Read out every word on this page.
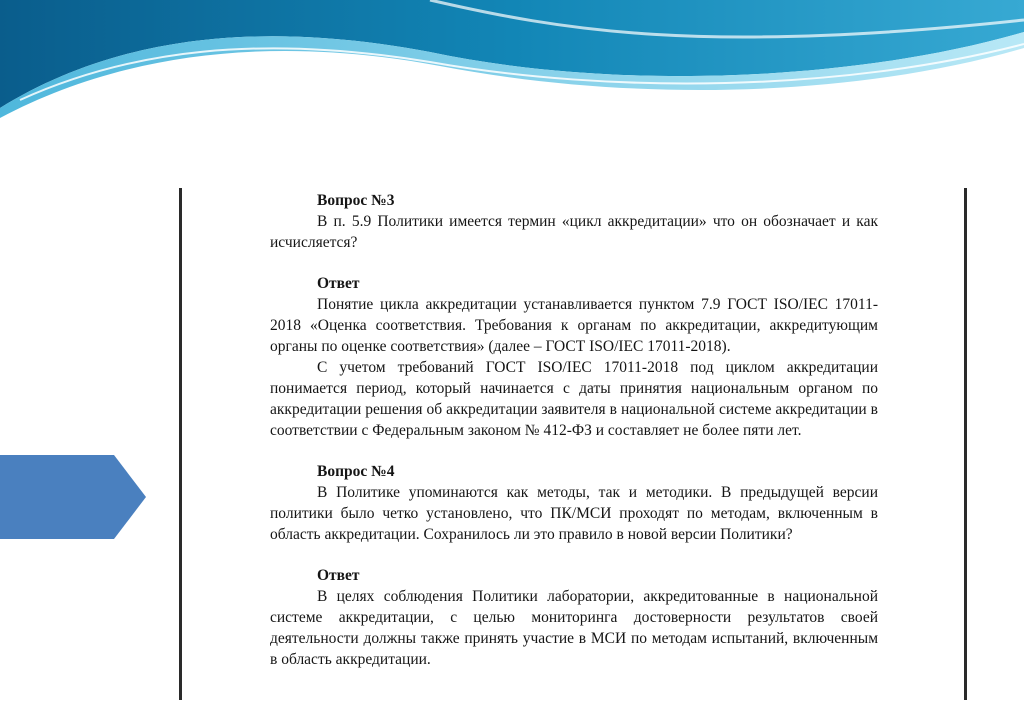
Вопрос №3

В п. 5.9 Политики имеется термин «цикл аккредитации» что он обозначает и как исчисляется?

Ответ

Понятие цикла аккредитации устанавливается пунктом 7.9 ГОСТ ISO/IEC 17011-2018 «Оценка соответствия. Требования к органам по аккредитации, аккредитующим органы по оценке соответствия» (далее – ГОСТ ISO/IEC 17011-2018).

С учетом требований ГОСТ ISO/IEC 17011-2018 под циклом аккредитации понимается период, который начинается с даты принятия национальным органом по аккредитации решения об аккредитации заявителя в национальной системе аккредитации в соответствии с Федеральным законом № 412-ФЗ и составляет не более пяти лет.

Вопрос №4

В Политике упоминаются как методы, так и методики. В предыдущей версии политики было четко установлено, что ПК/МСИ проходят по методам, включенным в область аккредитации. Сохранилось ли это правило в новой версии Политики?

Ответ

В целях соблюдения Политики лаборатории, аккредитованные в национальной системе аккредитации, с целью мониторинга достоверности результатов своей деятельности должны также принять участие в МСИ по методам испытаний, включенным в область аккредитации.
